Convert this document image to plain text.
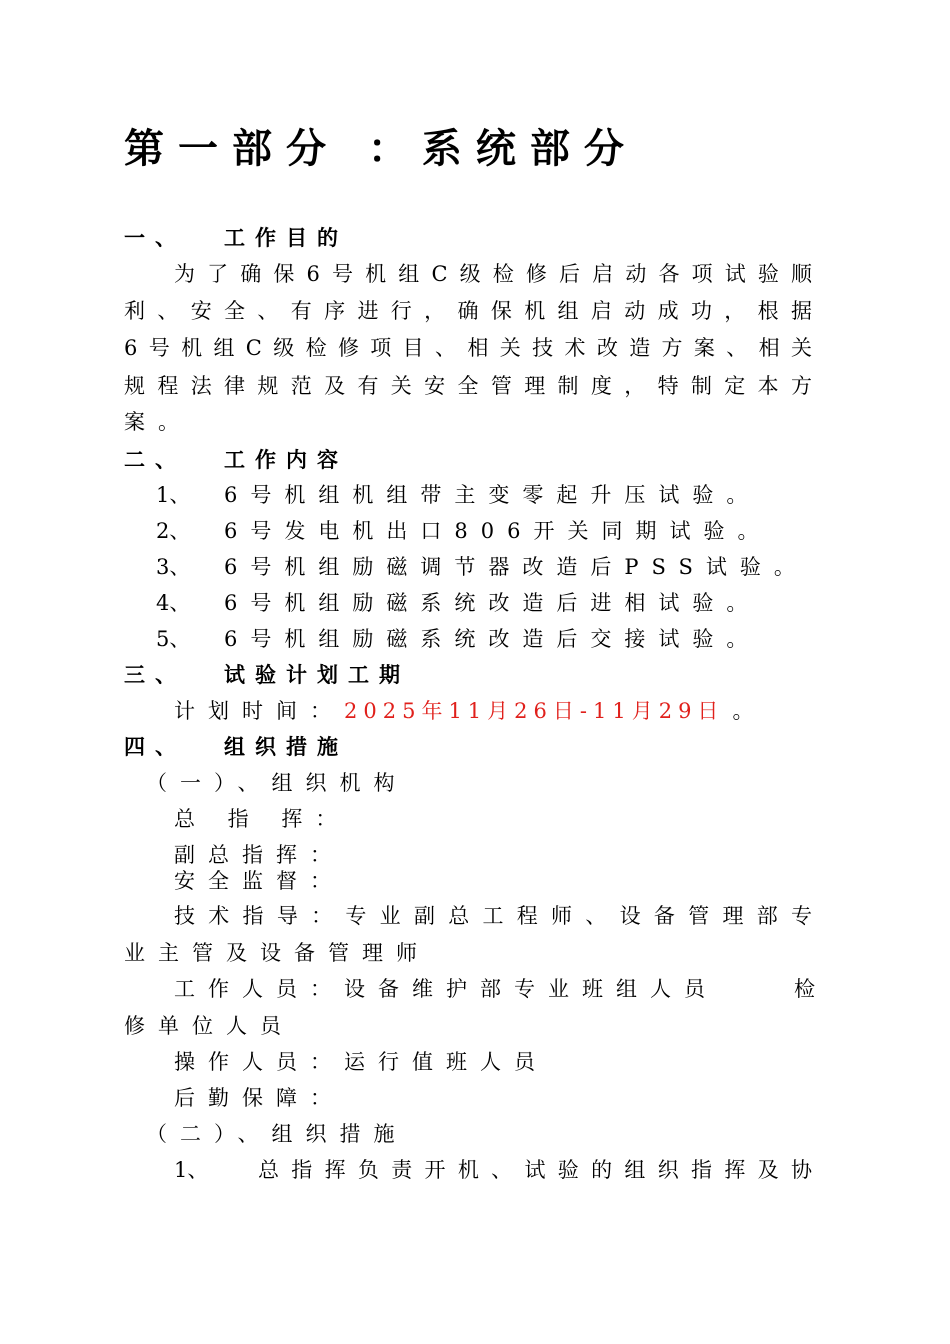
第一部分 ：系统部分
一、 工作目的
为了确保6号机组C级检修后启动各项试验顺
利、安全、有序进行，确保机组启动成功，根据
6号机组C级检修项目、相关技术改造方案、相关
规程法律规范及有关安全管理制度，特制定本方
案。
二、 工作内容
1、 6号机组机组带主变零起升压试验。
2、 6号发电机出口806开关同期试验。
3、 6号机组励磁调节器改造后PSS试验。
4、 6号机组励磁系统改造后进相试验。
5、 6号机组励磁系统改造后交接试验。
三、 试验计划工期
计划时间：2025年11月26日-11月29日 。
四、 组织措施
（一）、组织机构
总 指 挥：
副总指挥：
安全监督：
技术指导：专业副总工程师、设备管理部专
业主管及设备管理师
工作人员：设备维护部专业班组人员	检
修单位人员
操作人员：运行值班人员
后勤保障：
（二）、组织措施
1、 总指挥负责开机、试验的组织指挥及协
